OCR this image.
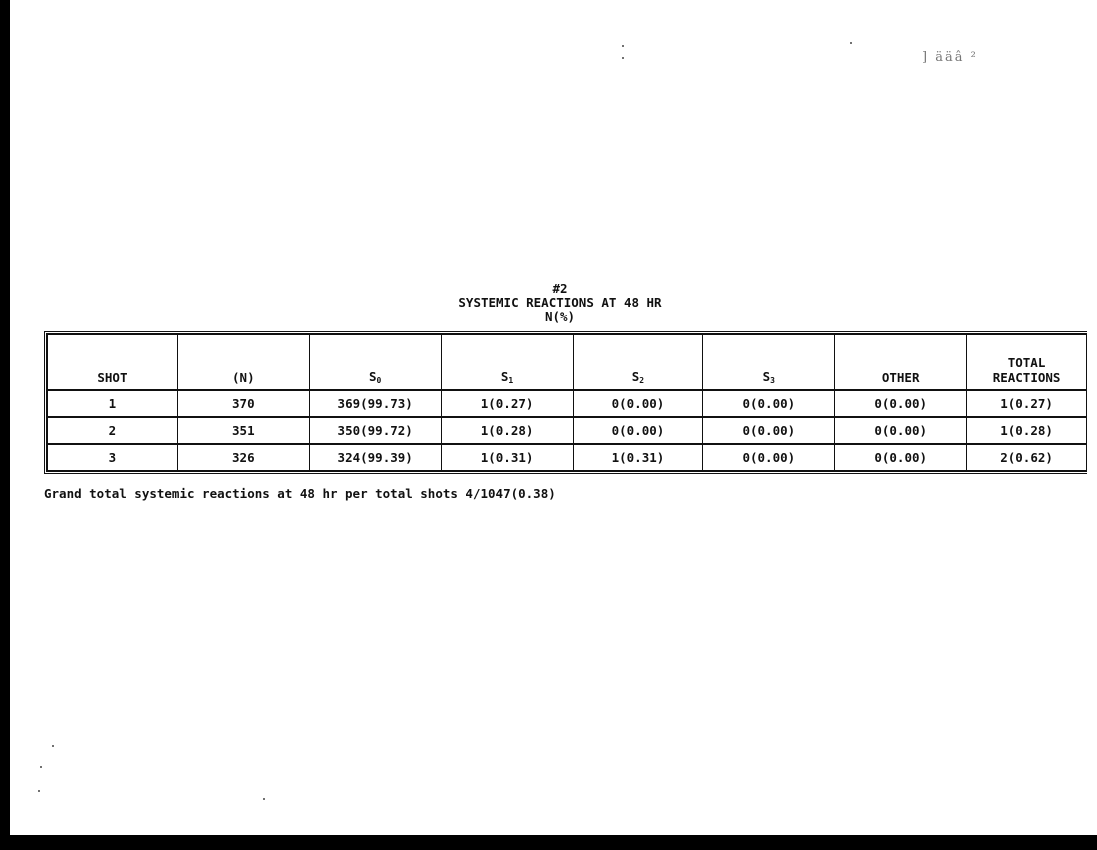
] ääâ ²
#2
SYSTEMIC REACTIONS AT 48 HR
N(%)
SHOT	(N)	$S_0$	$S_1$	$S_2$	$S_3$	OTHER	TOTAL
REACTIONS
1	370	369(99.73)	1(0.27)	0(0.00)	0(0.00)	0(0.00)	1(0.27)
2	351	350(99.72)	1(0.28)	0(0.00)	0(0.00)	0(0.00)	1(0.28)
3	326	324(99.39)	1(0.31)	1(0.31)	0(0.00)	0(0.00)	2(0.62)
Grand total systemic reactions at 48 hr per total shots 4/1047(0.38)
